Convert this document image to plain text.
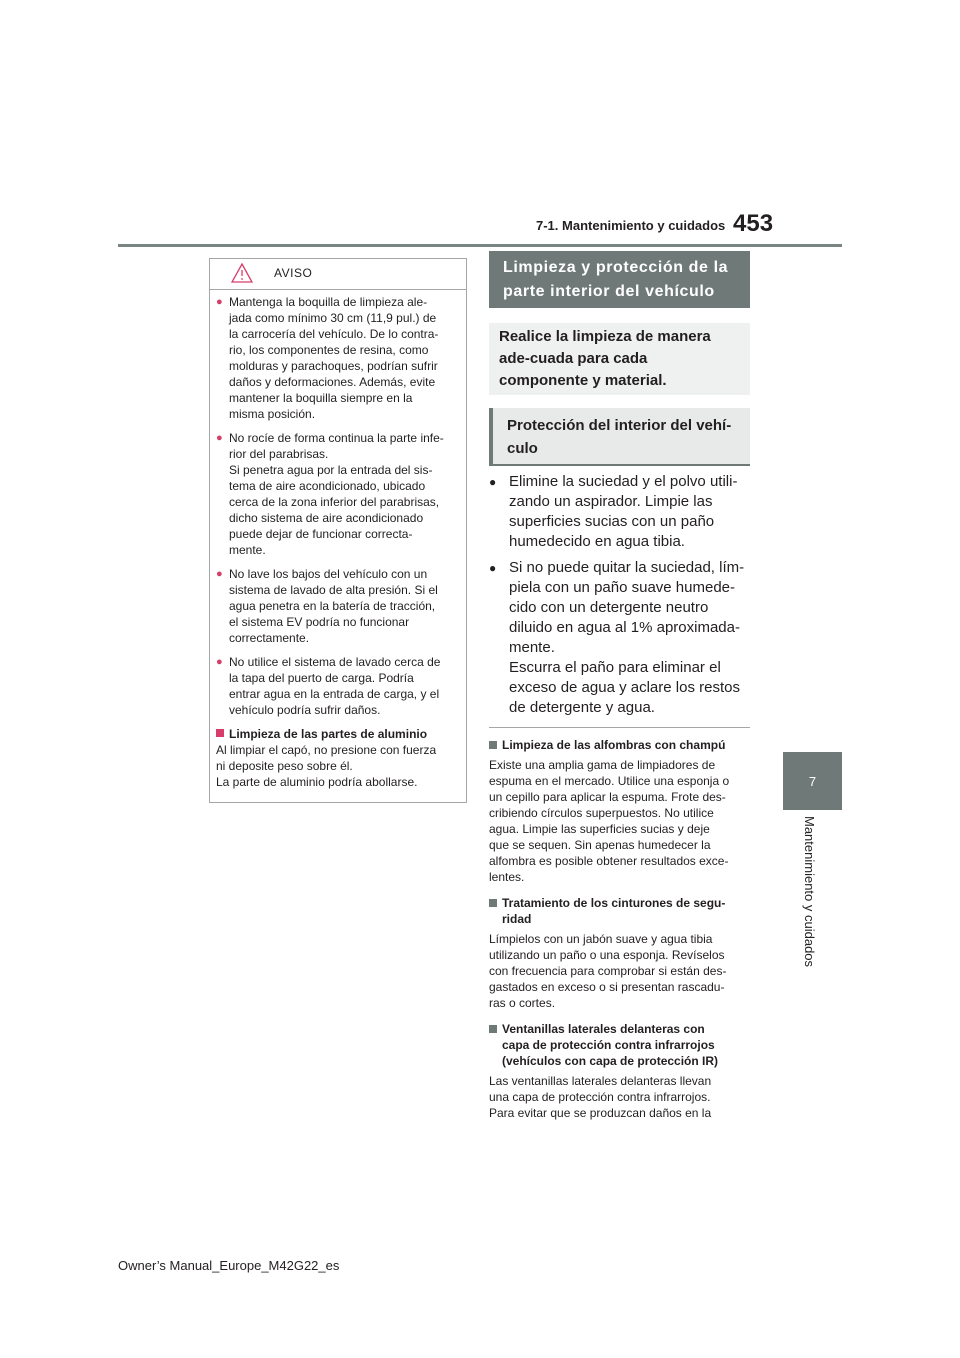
7-1. Mantenimiento y cuidados 453
7
Mantenimiento y cuidados
AVISO
● Mantenga la boquilla de limpieza ale-
jada como mínimo 30 cm (11,9 pul.) de
la carrocería del vehículo. De lo contra-
rio, los componentes de resina, como
molduras y parachoques, podrían sufrir
daños y deformaciones. Además, evite
mantener la boquilla siempre en la
misma posición.
● No rocíe de forma continua la parte infe-
rior del parabrisas.
Si penetra agua por la entrada del sis-
tema de aire acondicionado, ubicado
cerca de la zona inferior del parabrisas,
dicho sistema de aire acondicionado
puede dejar de funcionar correcta-
mente.
● No lave los bajos del vehículo con un
sistema de lavado de alta presión. Si el
agua penetra en la batería de tracción,
el sistema EV podría no funcionar
correctamente.
● No utilice el sistema de lavado cerca de
la tapa del puerto de carga. Podría
entrar agua en la entrada de carga, y el
vehículo podría sufrir daños.
Limpieza de las partes de aluminio
Al limpiar el capó, no presione con fuerza
ni deposite peso sobre él.
La parte de aluminio podría abollarse.
Limpieza y protección de la parte interior del vehículo
Realice la limpieza de manera ade-cuada para cada componente y material.
Protección del interior del vehí-culo
● Elimine la suciedad y el polvo utili-
zando un aspirador. Limpie las
superficies sucias con un paño
humedecido en agua tibia.
● Si no puede quitar la suciedad, lím-
piela con un paño suave humede-
cido con un detergente neutro
diluido en agua al 1% aproximada-
mente.
Escurra el paño para eliminar el
exceso de agua y aclare los restos
de detergente y agua.
Limpieza de las alfombras con champú
Existe una amplia gama de limpiadores de
espuma en el mercado. Utilice una esponja o
un cepillo para aplicar la espuma. Frote des-
cribiendo círculos superpuestos. No utilice
agua. Limpie las superficies sucias y deje
que se sequen. Sin apenas humedecer la
alfombra es posible obtener resultados exce-
lentes.
Tratamiento de los cinturones de segu-
ridad
Límpielos con un jabón suave y agua tibia
utilizando un paño o una esponja. Revíselos
con frecuencia para comprobar si están des-
gastados en exceso o si presentan rascadu-
ras o cortes.
Ventanillas laterales delanteras con
capa de protección contra infrarrojos
(vehículos con capa de protección IR)
Las ventanillas laterales delanteras llevan
una capa de protección contra infrarrojos.
Para evitar que se produzcan daños en la
Owner’s Manual_Europe_M42G22_es
